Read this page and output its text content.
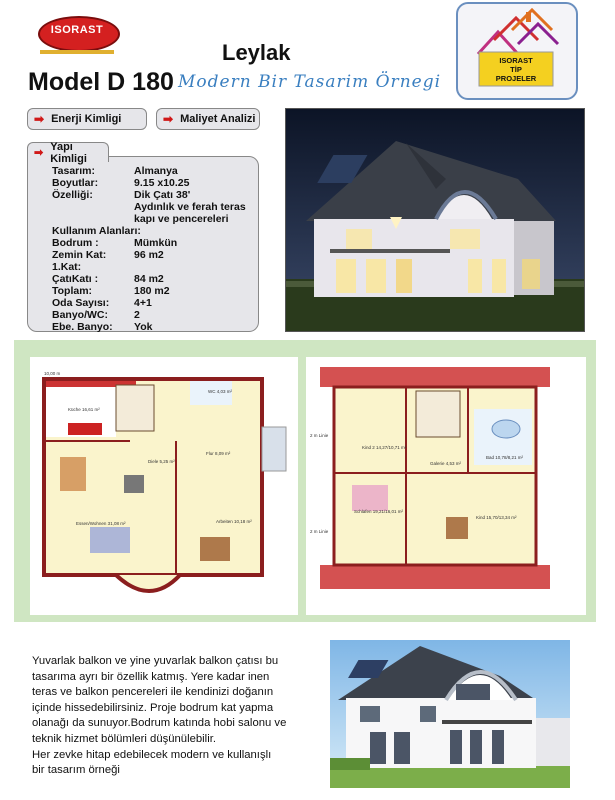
ISORAST
Leylak
Model D 180 Modern Bir Tasarim Örnegi
ISORAST
TİP
PROJELER
➡ Enerji Kimligi	➡ Maliyet Analizi
Tasarım:	Almanya
Boyutlar:	9.15 x10.25
Özelliği:	Dik Çatı 38'
Aydınlık ve ferah teras
kapı ve pencereleri
Kullanım Alanları:
Bodrum :	Mümkün
Zemin Kat:	96 m2
1.Kat:
ÇatıKatı :	84 m2
Toplam:	180 m2
Oda Sayısı: 4+1
Banyo/WC: 2
Ebe. Banyo: Yok
➡
Yapı Kimligi
10,00 m
Küche 16,61 m²
WC 4,03 m²
Diele 5,25 m²
Flur 8,09 m²
Essen/Wohnen 31,08 m²	Arbeiten 10,18 m²
2 m Linie
2 m Linie
Kind 2 14,27/10,71 m²
Galerie 4,53 m²
Bad 10,78/8,21 m²
Schlafen 19,21/16,01 m²
Kind 15,70/13,34 m²

Yuvarlak balkon ve yine yuvarlak balkon çatısı bu

tasarıma ayrı bir özellik katmış. Yere kadar inen

teras ve balkon pencereleri ile kendinizi doğanın

içinde hissedebilirsiniz. Proje bodrum kat yapma

olanağı da sunuyor.Bodrum katında hobi salonu ve

teknik hizmet bölümleri düşünülebilir.

Her zevke hitap edebilecek modern ve kullanışlı

bir tasarım örneği
